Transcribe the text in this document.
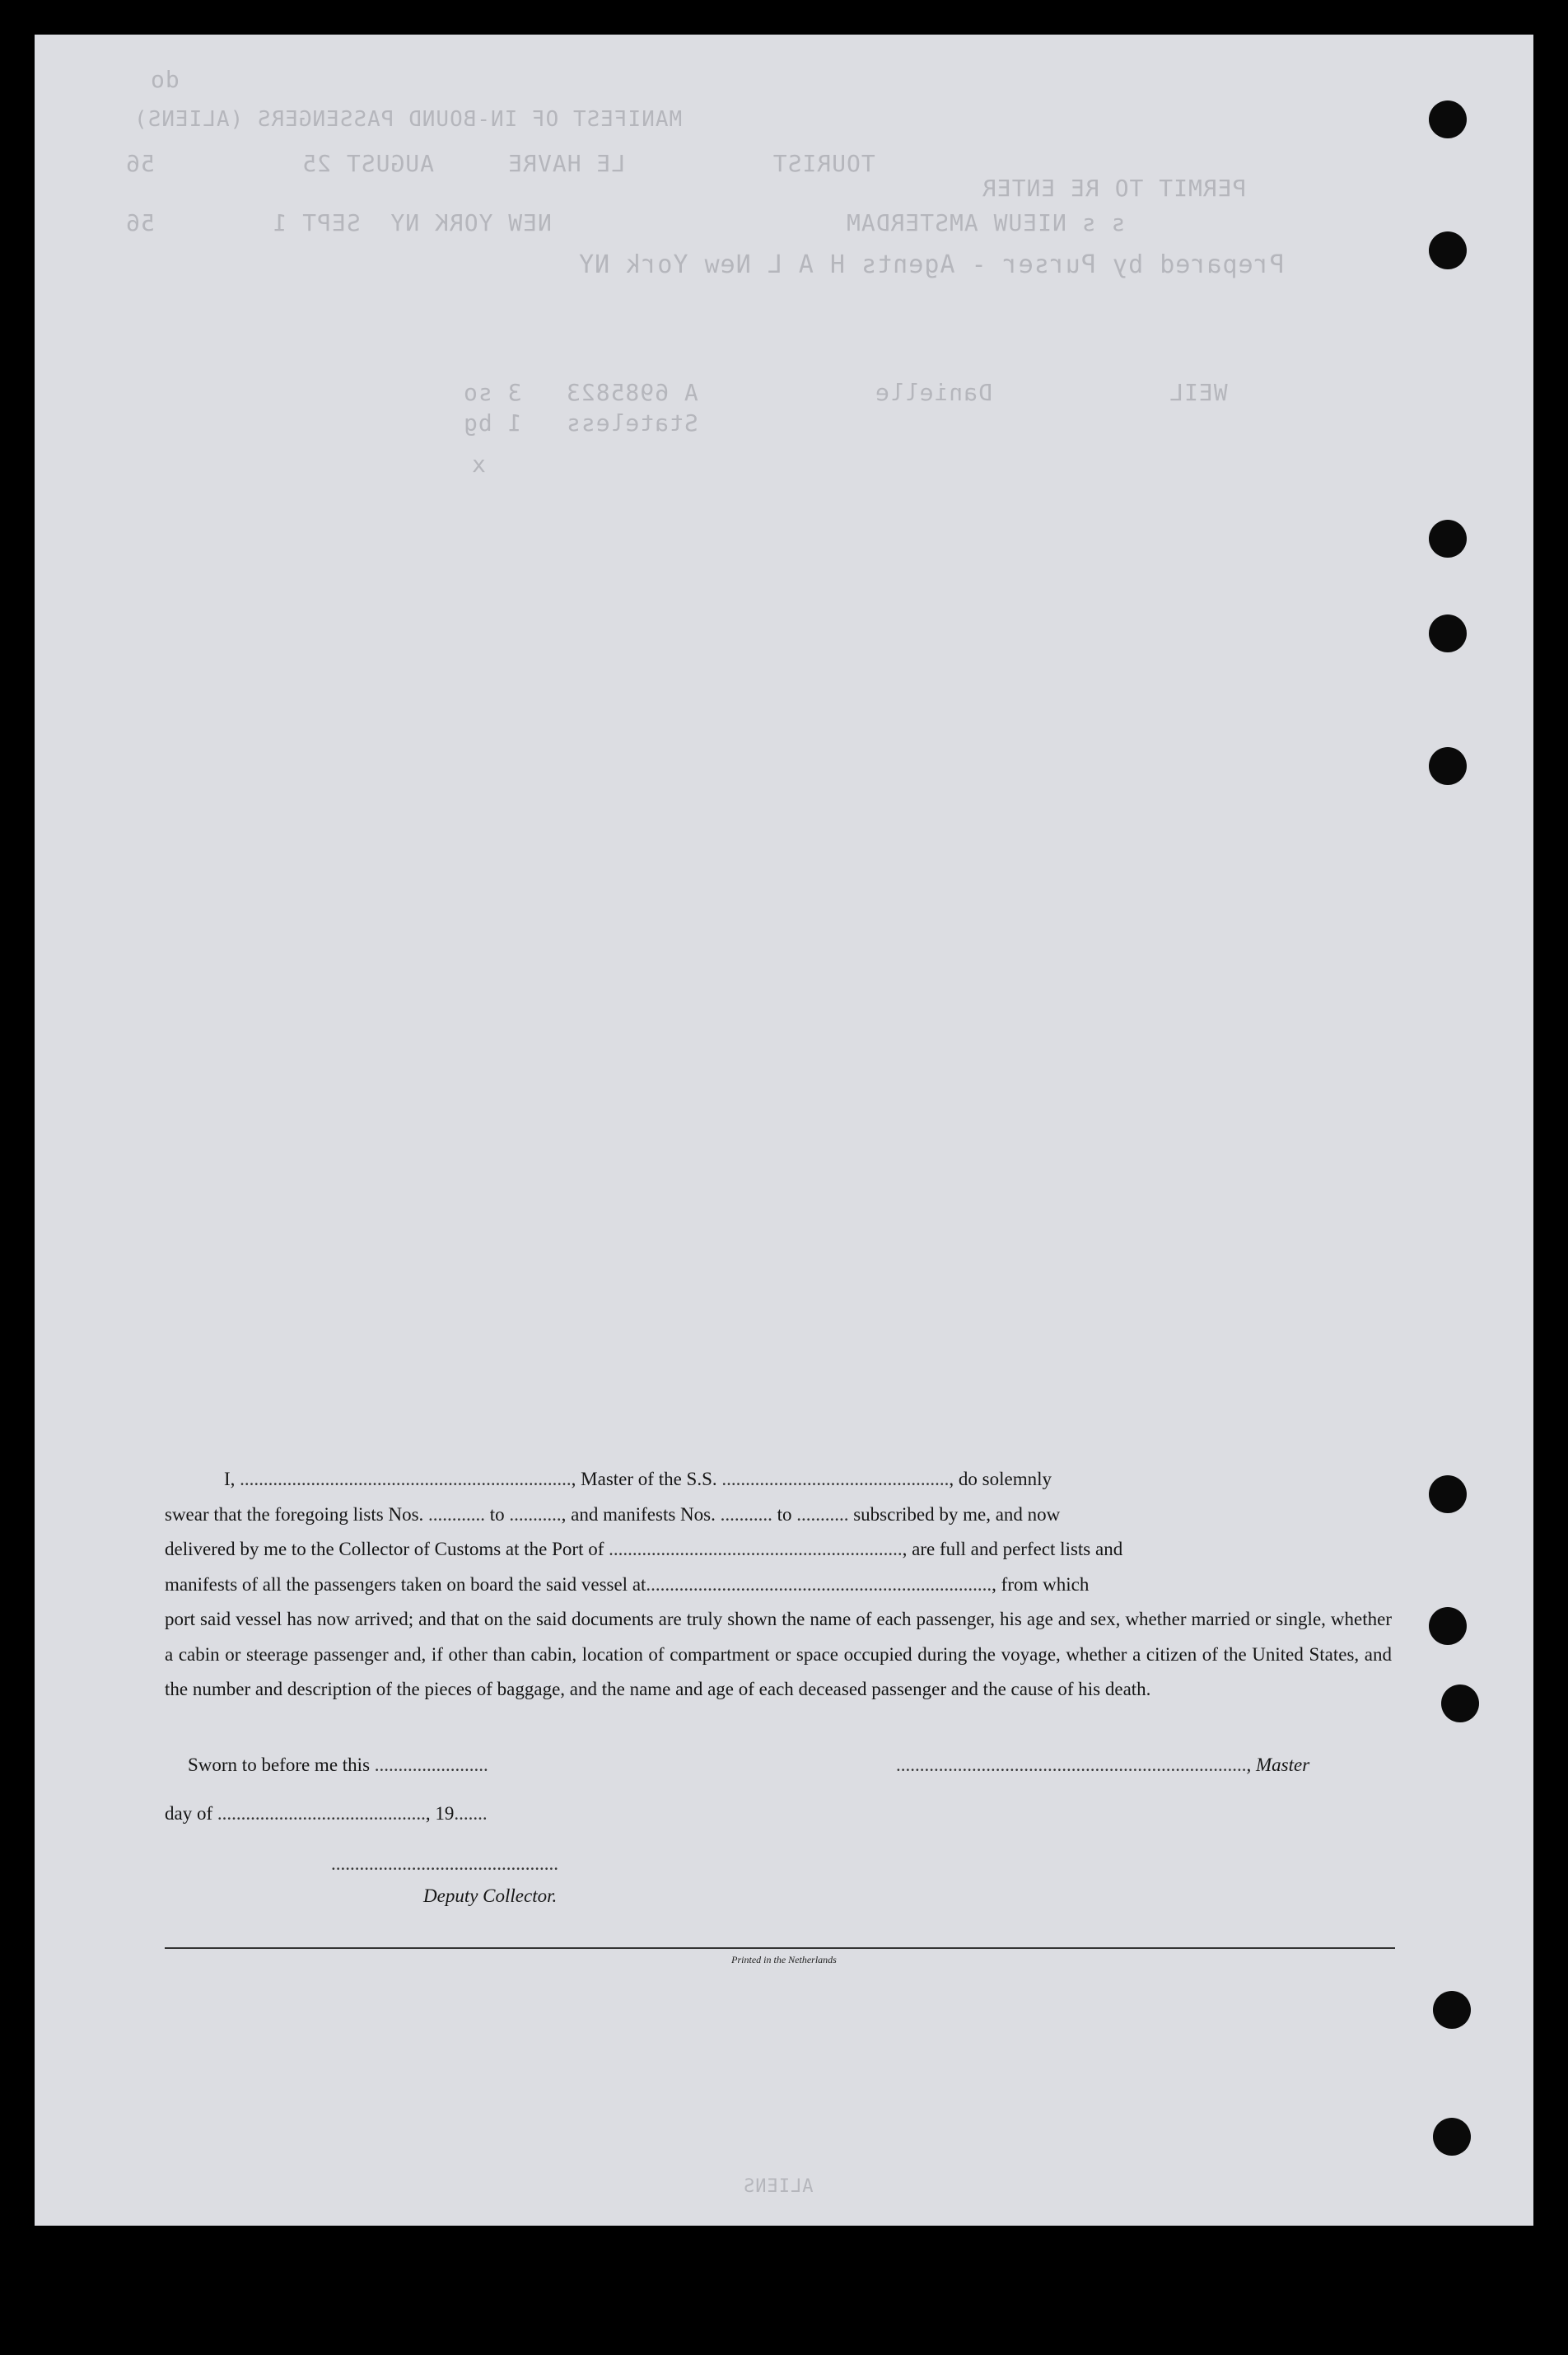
do
MANIFEST OF IN-BOUND PASSENGERS (ALIENS)
TOURIST          LE HAVRE     AUGUST 25          56
PERMIT TO RE ENTER
s s NIEUW AMSTERDAM                    NEW YORK NY  SEPT 1        56
Prepared by Purser - Agents H A L New York NY
WEIL            Danielle            A 6985823   3 so
Stateless   1 bg
x
ALIENS
I, ......................................................................, Master of the S.S. ................................................, do solemnly
swear that the foregoing lists Nos. ............ to ..........., and manifests Nos. ........... to ........... subscribed by me, and now
delivered by me to the Collector of Customs at the Port of .............................................................., are full and perfect lists and
manifests of all the passengers taken on board the said vessel at........................................................................., from which
port said vessel has now arrived; and that on the said documents are truly shown the name of each passenger, his age and sex, whether married or single, whether a cabin or steerage passenger and, if other than cabin, location of compartment or space occupied during the voyage, whether a citizen of the United States, and the number and description of the pieces of baggage, and the name and age of each deceased passenger and the cause of his death.
Sworn to before me this ........................	.........................................................................., Master
day of ............................................, 19.......
................................................
Deputy Collector.
Printed in the Netherlands
